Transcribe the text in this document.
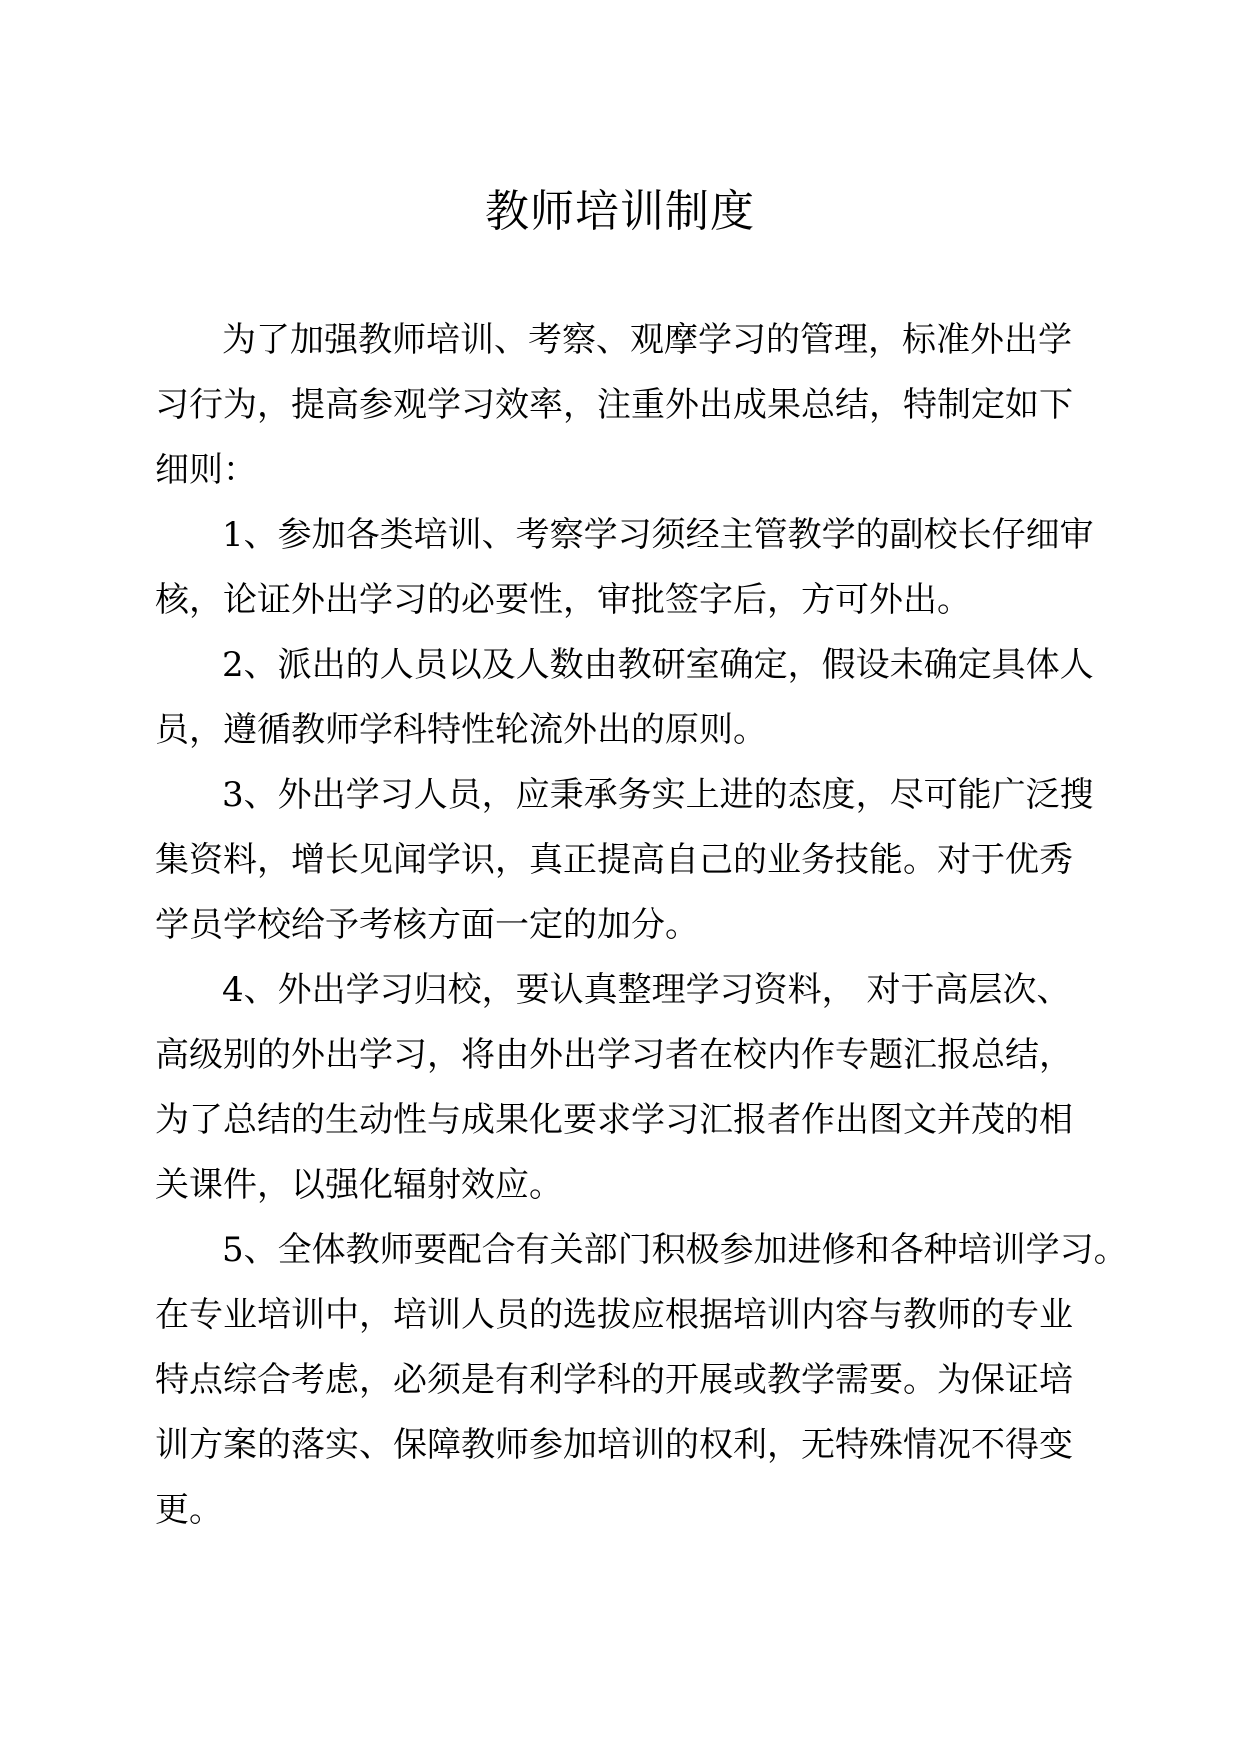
教师培训制度
为了加强教师培训、考察、观摩学习的管理，标准外出学
习行为，提高参观学习效率，注重外出成果总结，特制定如下
细则：
1、参加各类培训、考察学习须经主管教学的副校长仔细审
核，论证外出学习的必要性，审批签字后，方可外出。
2、派出的人员以及人数由教研室确定，假设未确定具体人
员，遵循教师学科特性轮流外出的原则。
3、外出学习人员，应秉承务实上进的态度，尽可能广泛搜
集资料，增长见闻学识，真正提高自己的业务技能。对于优秀
学员学校给予考核方面一定的加分。
4、外出学习归校，要认真整理学习资料， 对于高层次、
高级别的外出学习，将由外出学习者在校内作专题汇报总结，
为了总结的生动性与成果化要求学习汇报者作出图文并茂的相
关课件，以强化辐射效应。
5、全体教师要配合有关部门积极参加进修和各种培训学习。
在专业培训中，培训人员的选拔应根据培训内容与教师的专业
特点综合考虑，必须是有利学科的开展或教学需要。为保证培
训方案的落实、保障教师参加培训的权利，无特殊情况不得变
更。
